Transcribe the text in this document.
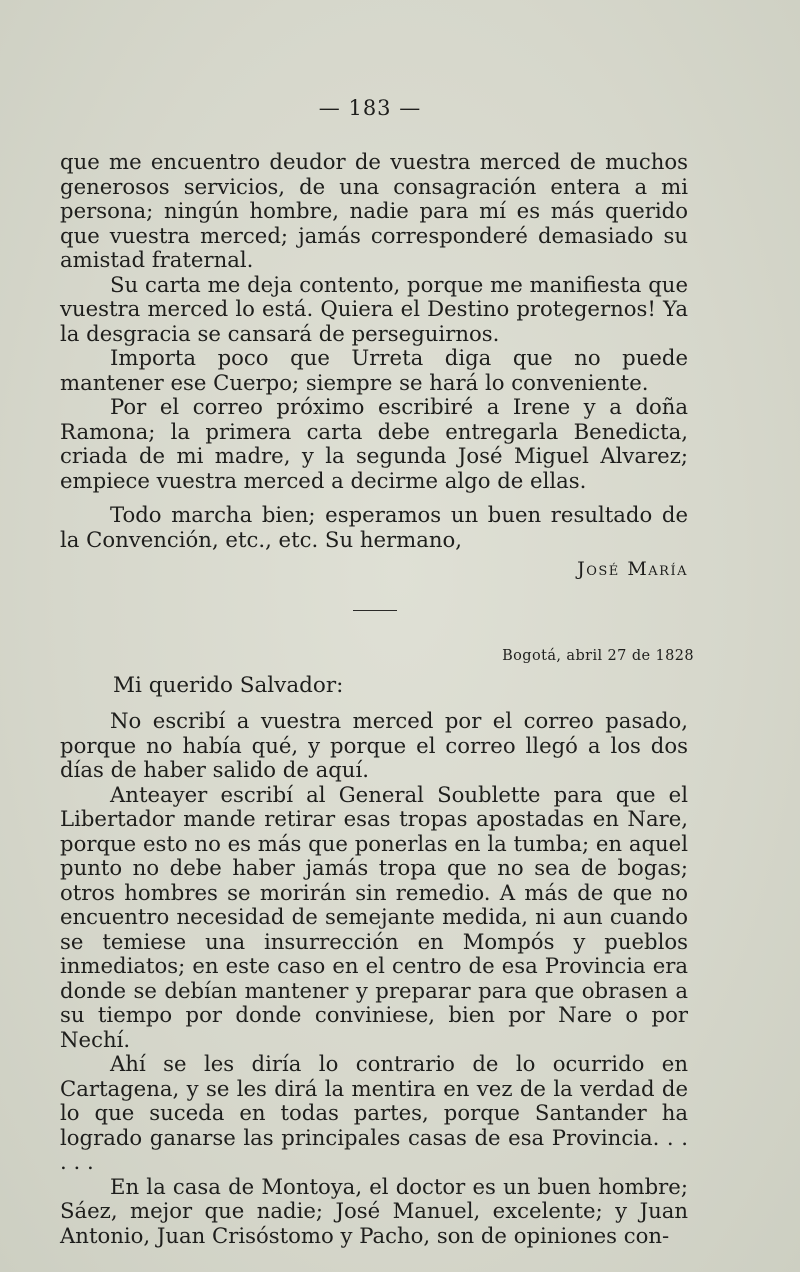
— 183 —

que me encuentro deudor de vuestra merced de muchos generosos servicios, de una consagración entera a mi persona; ningún hombre, nadie para mí es más querido que vuestra merced; jamás corresponderé demasiado su amistad fraternal.

Su carta me deja contento, porque me manifiesta que vuestra merced lo está. Quiera el Destino protegernos! Ya la desgracia se cansará de perseguirnos.

Importa poco que Urreta diga que no puede mantener ese Cuerpo; siempre se hará lo conveniente.

Por el correo próximo escribiré a Irene y a doña Ramona; la primera carta debe entregarla Benedicta, criada de mi madre, y la segunda José Miguel Alvarez; empiece vuestra merced a decirme algo de ellas.

Todo marcha bien; esperamos un buen resultado de la Convención, etc., etc. Su hermano,

José María
Bogotá, abril 27 de 1828
Mi querido Salvador:

No escribí a vuestra merced por el correo pasado, porque no había qué, y porque el correo llegó a los dos días de haber salido de aquí.

Anteayer escribí al General Soublette para que el Libertador mande retirar esas tropas apostadas en Nare, porque esto no es más que ponerlas en la tumba; en aquel punto no debe haber jamás tropa que no sea de bogas; otros hombres se morirán sin remedio. A más de que no encuentro necesidad de semejante medida, ni aun cuando se temiese una insurrección en Mompós y pueblos inmediatos; en este caso en el centro de esa Provincia era donde se debían mantener y preparar para que obrasen a su tiempo por donde conviniese, bien por Nare o por Nechí.

Ahí se les diría lo contrario de lo ocurrido en Cartagena, y se les dirá la mentira en vez de la verdad de lo que suceda en todas partes, porque Santander ha logrado ganarse las principales casas de esa Provincia. . . . . .

En la casa de Montoya, el doctor es un buen hombre; Sáez, mejor que nadie; José Manuel, excelente; y Juan Antonio, Juan Crisóstomo y Pacho, son de opiniones con-
